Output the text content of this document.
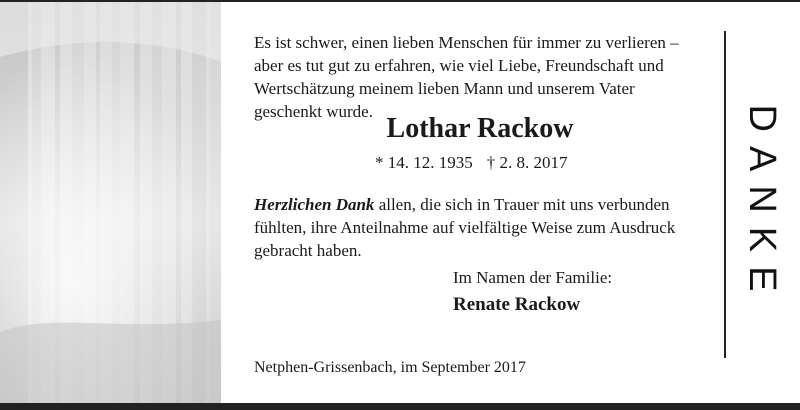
Es ist schwer, einen lieben Menschen für immer zu verlieren –

aber es tut gut zu erfahren, wie viel Liebe, Freundschaft und

Wertschätzung meinem lieben Mann und unserem Vater

geschenkt wurde.

Lothar Rackow
* 14. 12. 1935 † 2. 8. 2017

Herzlichen Dank allen, die sich in Trauer mit uns verbunden

fühlten, ihre Anteilnahme auf vielfältige Weise zum Ausdruck

gebracht haben.

Im Namen der Familie:
Renate Rackow
Netphen-Grissenbach, im September 2017
DANKE
